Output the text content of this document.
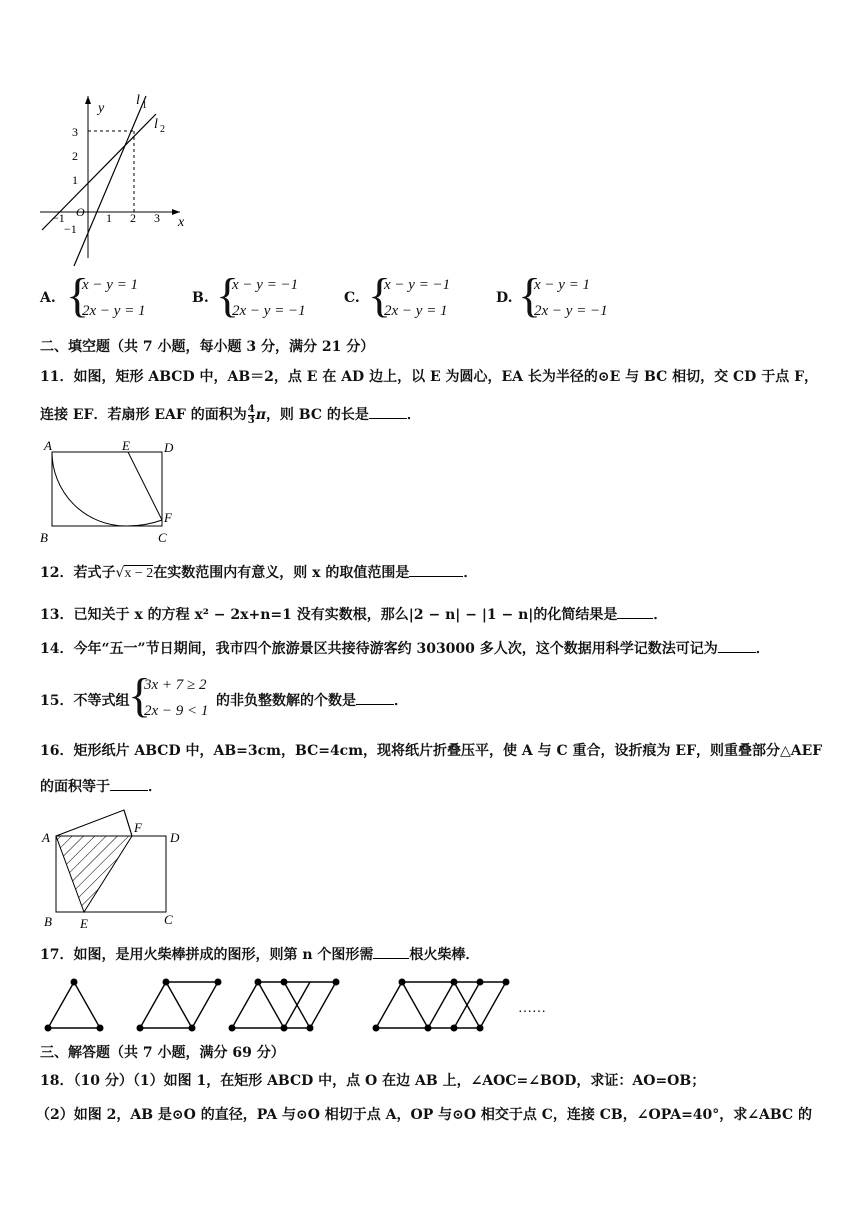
y
x
l 1
l 2
3
2
1
−1
−1 O 1 2 3
A. {
x − y = 1
2x − y = 1
B. {
x − y = −1
2x − y = −1
C. {
x − y = −1
2x − y = 1
D. {
x − y = 1
2x − y = −1
二、填空题（共 7 小题，每小题 3 分，满分 21 分）
11．如图，矩形 ABCD 中，AB＝2，点 E 在 AD 边上，以 E 为圆心，EA 长为半径的⊙E 与 BC 相切，交 CD 于点 F，
连接 EF．若扇形 EAF 的面积为 $\frac{4}{3}$ π，则 BC 的长是	．
A	E	D
F
B	C
12．若式子√x − 2在实数范围内有意义，则 x 的取值范围是	．
13．已知关于 x 的方程 x² − 2x+n=1 没有实数根，那么|2 − n| − |1 − n|的化简结果是	．
14．今年“五一”节日期间，我市四个旅游景区共接待游客约 303000 多人次，这个数据用科学记数法可记为	．
15．不等式组
{
3x + 7 ≥ 2
2x − 9 < 1
的非负整数解的个数是	．
16．矩形纸片 ABCD 中，AB=3cm，BC=4cm，现将纸片折叠压平，使 A 与 C 重合，设折痕为 EF，则重叠部分△AEF
的面积等于	．
A
F
D
B E	C
17．如图，是用火柴棒拼成的图形，则第 n 个图形需	根火柴棒．
……
三、解答题（共 7 小题，满分 69 分）
18．（10 分）（1）如图 1，在矩形 ABCD 中，点 O 在边 AB 上，∠AOC=∠BOD，求证：AO=OB；
（2）如图 2，AB 是⊙O 的直径，PA 与⊙O 相切于点 A，OP 与⊙O 相交于点 C，连接 CB，∠OPA=40°，求∠ABC 的
